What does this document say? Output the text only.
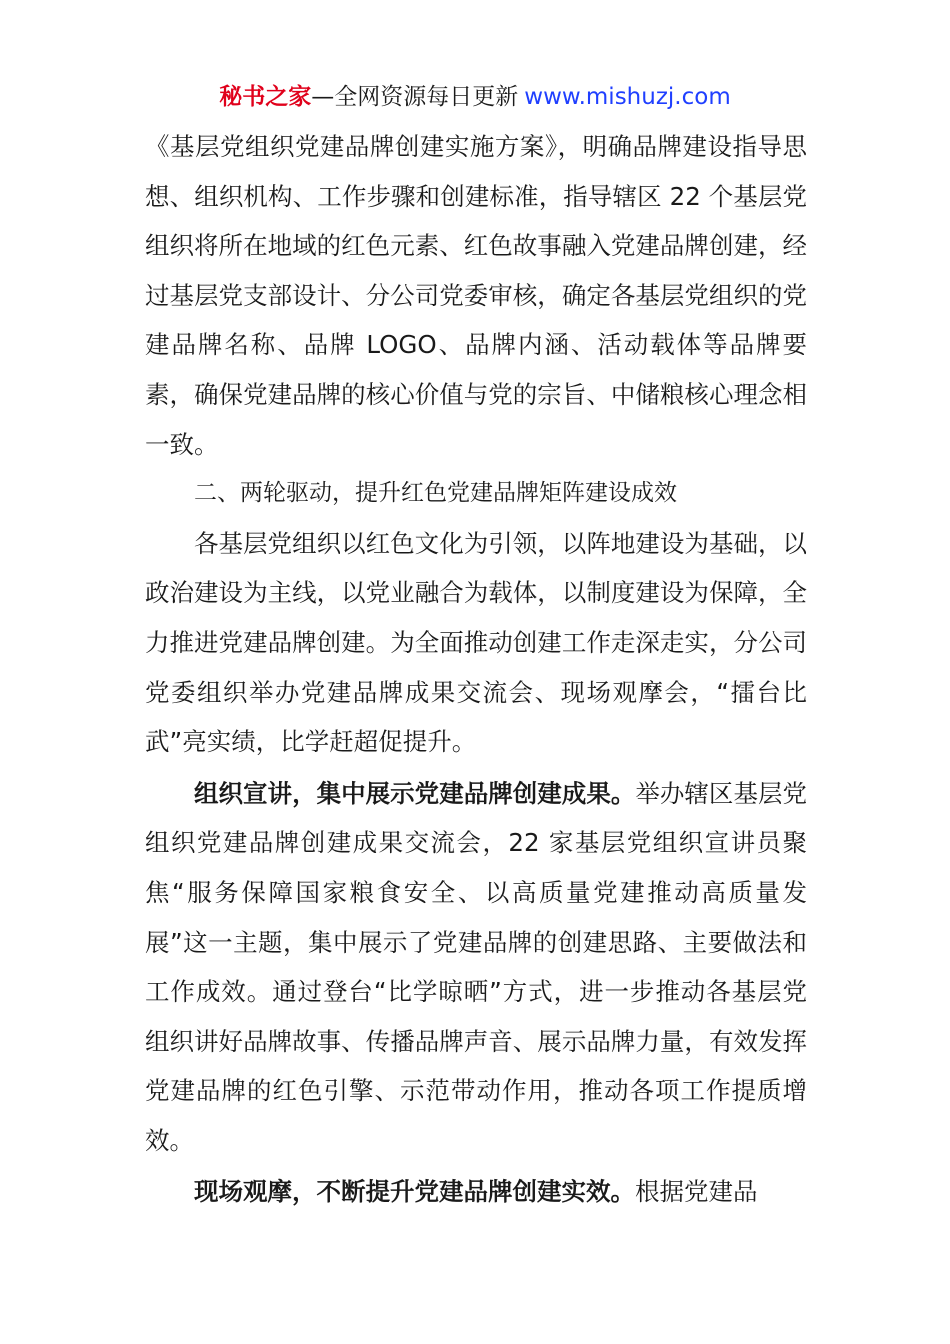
秘书之家—全网资源每日更新 www.mishuzj.com

《基层党组织党建品牌创建实施方案》，明确品牌建设指导思想、组织机构、工作步骤和创建标准，指导辖区 22 个基层党组织将所在地域的红色元素、红色故事融入党建品牌创建，经过基层党支部设计、分公司党委审核，确定各基层党组织的党建品牌名称、品牌 LOGO、品牌内涵、活动载体等品牌要素，确保党建品牌的核心价值与党的宗旨、中储粮核心理念相一致。

二、两轮驱动，提升红色党建品牌矩阵建设成效

各基层党组织以红色文化为引领，以阵地建设为基础，以政治建设为主线，以党业融合为载体，以制度建设为保障，全力推进党建品牌创建。为全面推动创建工作走深走实，分公司党委组织举办党建品牌成果交流会、现场观摩会，“擂台比武”亮实绩，比学赶超促提升。

组织宣讲，集中展示党建品牌创建成果。举办辖区基层党组织党建品牌创建成果交流会，22 家基层党组织宣讲员聚焦“服务保障国家粮食安全、以高质量党建推动高质量发展”这一主题，集中展示了党建品牌的创建思路、主要做法和工作成效。通过登台“比学晾晒”方式，进一步推动各基层党组织讲好品牌故事、传播品牌声音、展示品牌力量，有效发挥党建品牌的红色引擎、示范带动作用，推动各项工作提质增效。

现场观摩，不断提升党建品牌创建实效。根据党建品
